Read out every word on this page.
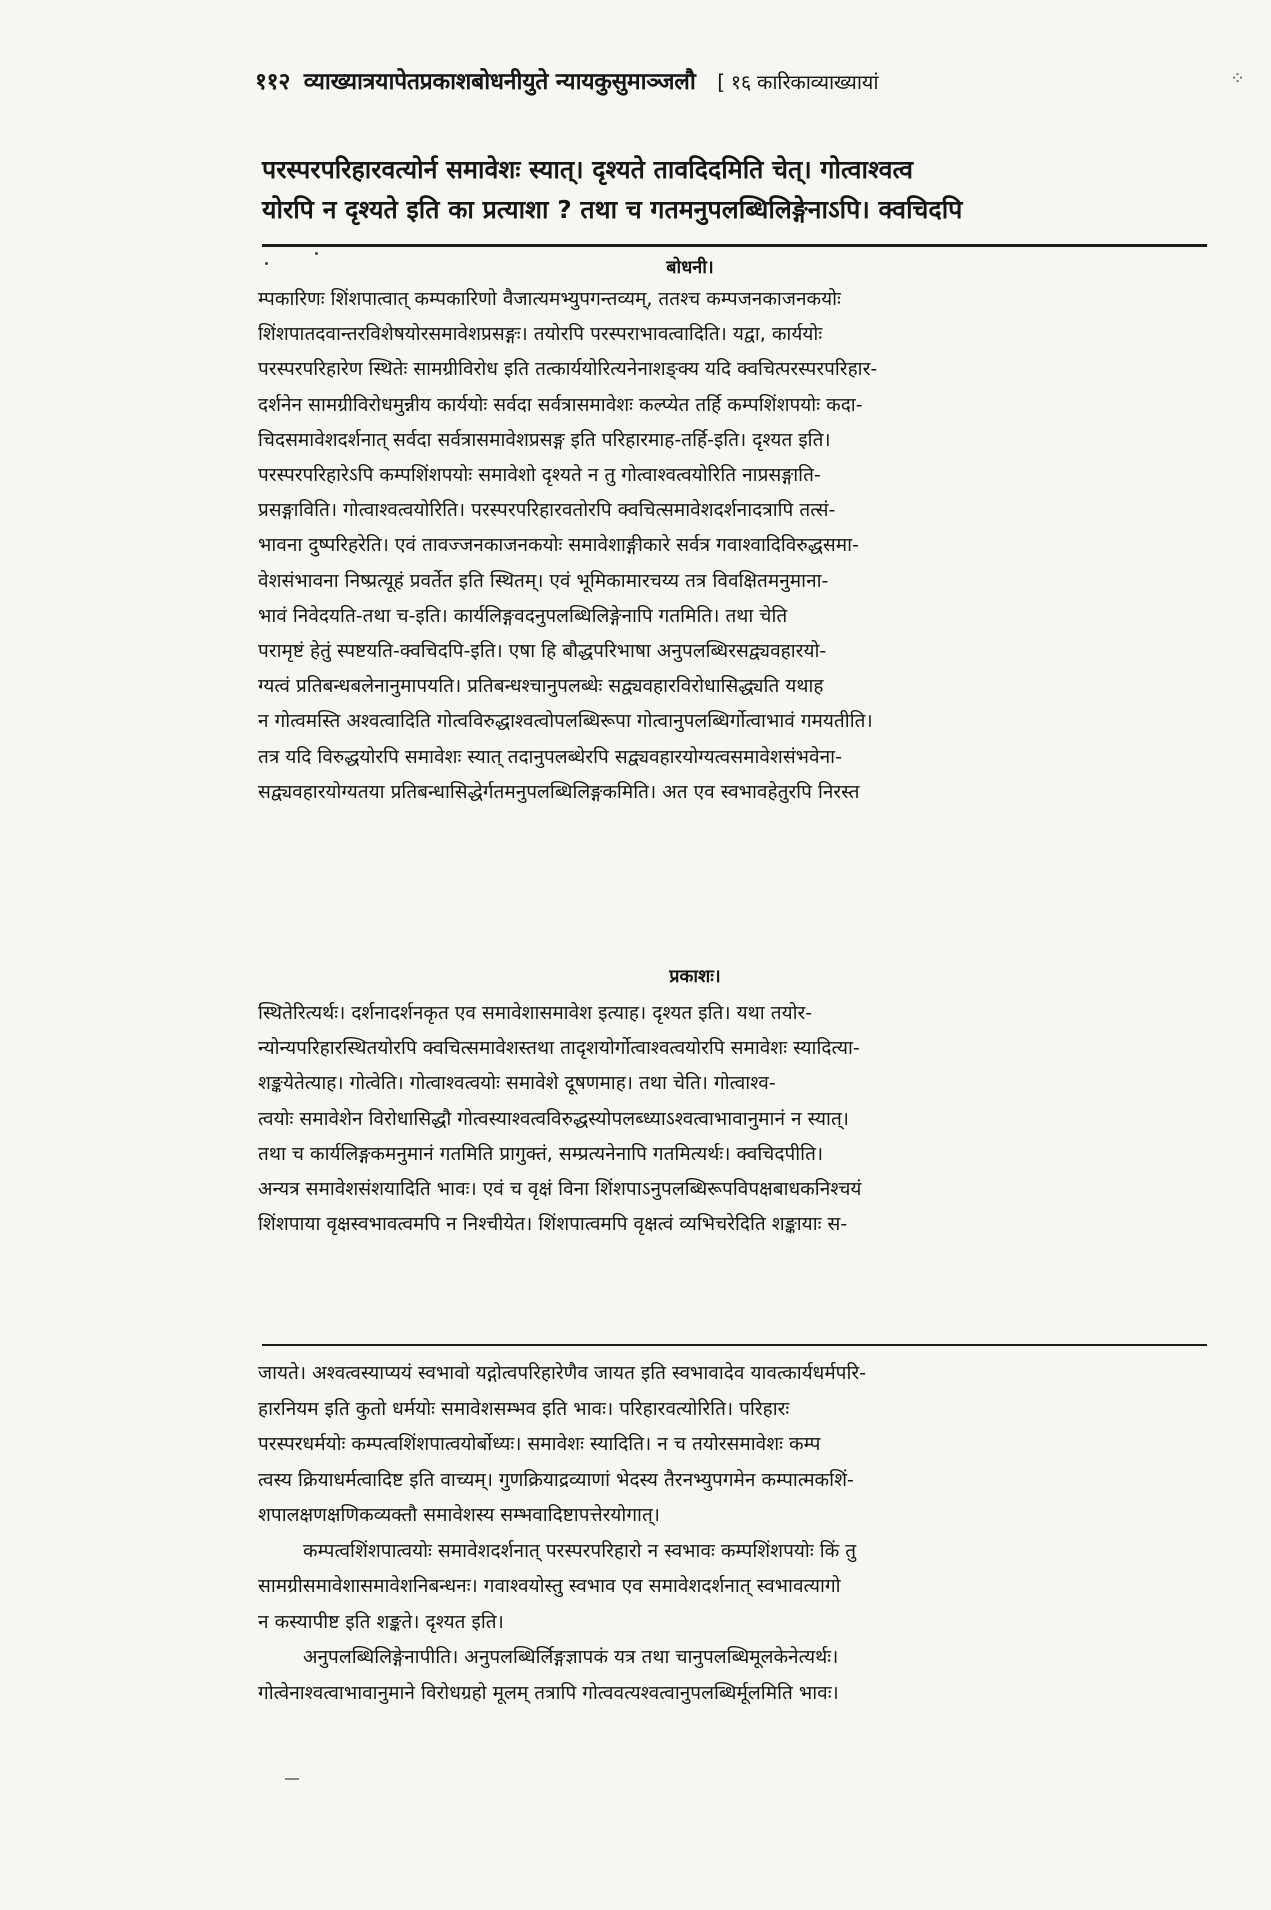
११२ व्याख्यात्रयापेतप्रकाशबोधनीयुते न्यायकुसुमाञ्जलौ [ १६ कारिकाव्याख्यायां	⁘

परस्परपरिहारवत्योर्न समावेशः स्यात्। दृश्यते तावदिदमिति चेत्। गोत्वाश्वत्व

योरपि न दृश्यते इति का प्रत्याशा ? तथा च गतमनुपलब्धिलिङ्गेनाऽपि। क्वचिदपि

बोधनी।

म्पकारिणः शिंशपात्वात् कम्पकारिणो वैजात्यमभ्युपगन्तव्यम्, ततश्च कम्पजनकाजनकयोः

शिंशपातदवान्तरविशेषयोरसमावेशप्रसङ्गः। तयोरपि परस्पराभावत्वादिति। यद्वा, कार्ययोः

परस्परपरिहारेण स्थितेः सामग्रीविरोध इति तत्कार्ययोरित्यनेनाशङ्क्य यदि क्वचित्परस्परपरिहार-

दर्शनेन सामग्रीविरोधमुन्नीय कार्ययोः सर्वदा सर्वत्रासमावेशः कल्प्येत तर्हि कम्पशिंशपयोः कदा-

चिदसमावेशदर्शनात् सर्वदा सर्वत्रासमावेशप्रसङ्ग इति परिहारमाह-तर्हि-इति। दृश्यत इति।

परस्परपरिहारेऽपि कम्पशिंशपयोः समावेशो दृश्यते न तु गोत्वाश्वत्वयोरिति नाप्रसङ्गाति-

प्रसङ्गाविति। गोत्वाश्वत्वयोरिति। परस्परपरिहारवतोरपि क्वचित्समावेशदर्शनादत्रापि तत्सं-

भावना दुष्परिहरेति। एवं तावज्जनकाजनकयोः समावेशाङ्गीकारे सर्वत्र गवाश्वादिविरुद्धसमा-

वेशसंभावना निष्प्रत्यूहं प्रवर्तेत इति स्थितम्। एवं भूमिकामारचय्य तत्र विवक्षितमनुमाना-

भावं निवेदयति-तथा च-इति। कार्यलिङ्गवदनुपलब्धिलिङ्गेनापि गतमिति। तथा चेति

परामृष्टं हेतुं स्पष्टयति-क्वचिदपि-इति। एषा हि बौद्धपरिभाषा अनुपलब्धिरसद्व्यवहारयो-

ग्यत्वं प्रतिबन्धबलेनानुमापयति। प्रतिबन्धश्चानुपलब्धेः सद्व्यवहारविरोधासिद्ध्यति यथाह

न गोत्वमस्ति अश्वत्वादिति गोत्वविरुद्धाश्वत्वोपलब्धिरूपा गोत्वानुपलब्धिर्गोत्वाभावं गमयतीति।

तत्र यदि विरुद्धयोरपि समावेशः स्यात् तदानुपलब्धेरपि सद्व्यवहारयोग्यत्वसमावेशसंभवेना-

सद्व्यवहारयोग्यतया प्रतिबन्धासिद्धेर्गतमनुपलब्धिलिङ्गकमिति। अत एव स्वभावहेतुरपि निरस्त

प्रकाशः।

स्थितेरित्यर्थः। दर्शनादर्शनकृत एव समावेशासमावेश इत्याह। दृश्यत इति। यथा तयोर-

न्योन्यपरिहारस्थितयोरपि क्वचित्समावेशस्तथा तादृशयोर्गोत्वाश्वत्वयोरपि समावेशः स्यादित्या-

शङ्कयेतेत्याह। गोत्वेति। गोत्वाश्वत्वयोः समावेशे दूषणमाह। तथा चेति। गोत्वाश्व-

त्वयोः समावेशेन विरोधासिद्धौ गोत्वस्याश्वत्वविरुद्धस्योपलब्ध्याऽश्वत्वाभावानुमानं न स्यात्।

तथा च कार्यलिङ्गकमनुमानं गतमिति प्रागुक्तं, सम्प्रत्यनेनापि गतमित्यर्थः। क्वचिदपीति।

अन्यत्र समावेशसंशयादिति भावः। एवं च वृक्षं विना शिंशपाऽनुपलब्धिरूपविपक्षबाधकनिश्चयं

शिंशपाया वृक्षस्वभावत्वमपि न निश्चीयेत। शिंशपात्वमपि वृक्षत्वं व्यभिचरेदिति शङ्कायाः स-

जायते। अश्वत्वस्याप्ययं स्वभावो यद्गोत्वपरिहारेणैव जायत इति स्वभावादेव यावत्कार्यधर्मपरि-

हारनियम इति कुतो धर्मयोः समावेशसम्भव इति भावः। परिहारवत्योरिति। परिहारः

परस्परधर्मयोः कम्पत्वशिंशपात्वयोर्बोध्यः। समावेशः स्यादिति। न च तयोरसमावेशः कम्प

त्वस्य क्रियाधर्मत्वादिष्ट इति वाच्यम्। गुणक्रियाद्रव्याणां भेदस्य तैरनभ्युपगमेन कम्पात्मकशिं-

शपालक्षणक्षणिकव्यक्तौ समावेशस्य सम्भवादिष्टापत्तेरयोगात्।

कम्पत्वशिंशपात्वयोः समावेशदर्शनात् परस्परपरिहारो न स्वभावः कम्पशिंशपयोः किं तु

सामग्रीसमावेशासमावेशनिबन्धनः। गवाश्वयोस्तु स्वभाव एव समावेशदर्शनात् स्वभावत्यागो

न कस्यापीष्ट इति शङ्कते। दृश्यत इति।

अनुपलब्धिलिङ्गेनापीति। अनुपलब्धिर्लिङ्गज्ञापकं यत्र तथा चानुपलब्धिमूलकेनेत्यर्थः।

गोत्वेनाश्वत्वाभावानुमाने विरोधग्रहो मूलम् तत्रापि गोत्ववत्यश्वत्वानुपलब्धिर्मूलमिति भावः।
